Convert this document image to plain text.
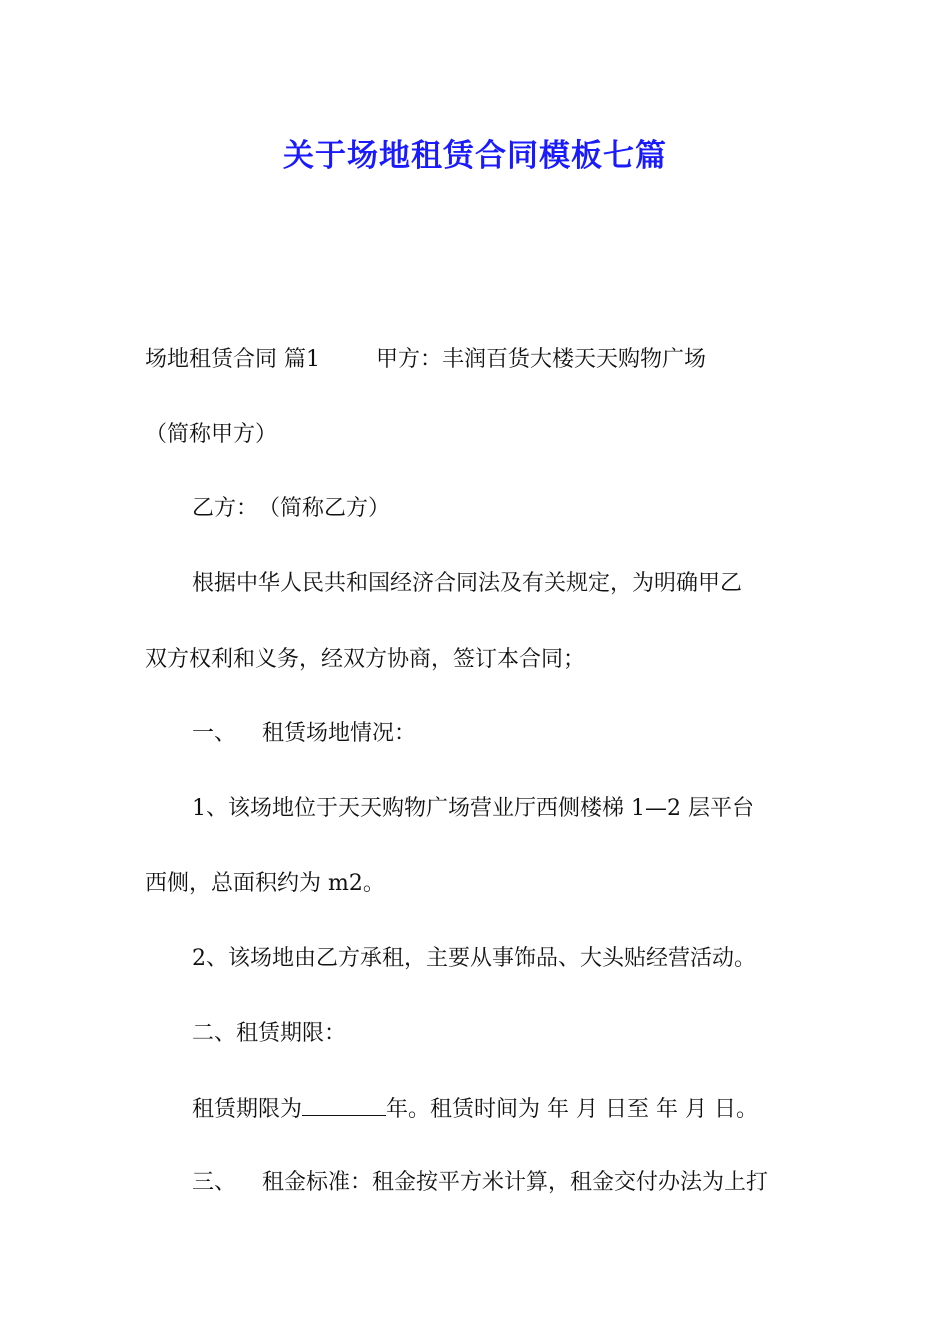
关于场地租赁合同模板七篇
场地租赁合同 篇1	甲方：丰润百货大楼天天购物广场
（简称甲方）
乙方：　（简称乙方）
根据中华人民共和国经济合同法及有关规定，为明确甲乙
双方权利和义务，经双方协商，签订本合同；
一、 租赁场地情况：
1、该场地位于天天购物广场营业厅西侧楼梯 1—2 层平台
西侧，总面积约为 m2。
2、该场地由乙方承租，主要从事饰品、大头贴经营活动。
二、租赁期限：
租赁期限为	年。租赁时间为 年 月 日至 年 月 日。
三、 租金标准：租金按平方米计算，租金交付办法为上打
